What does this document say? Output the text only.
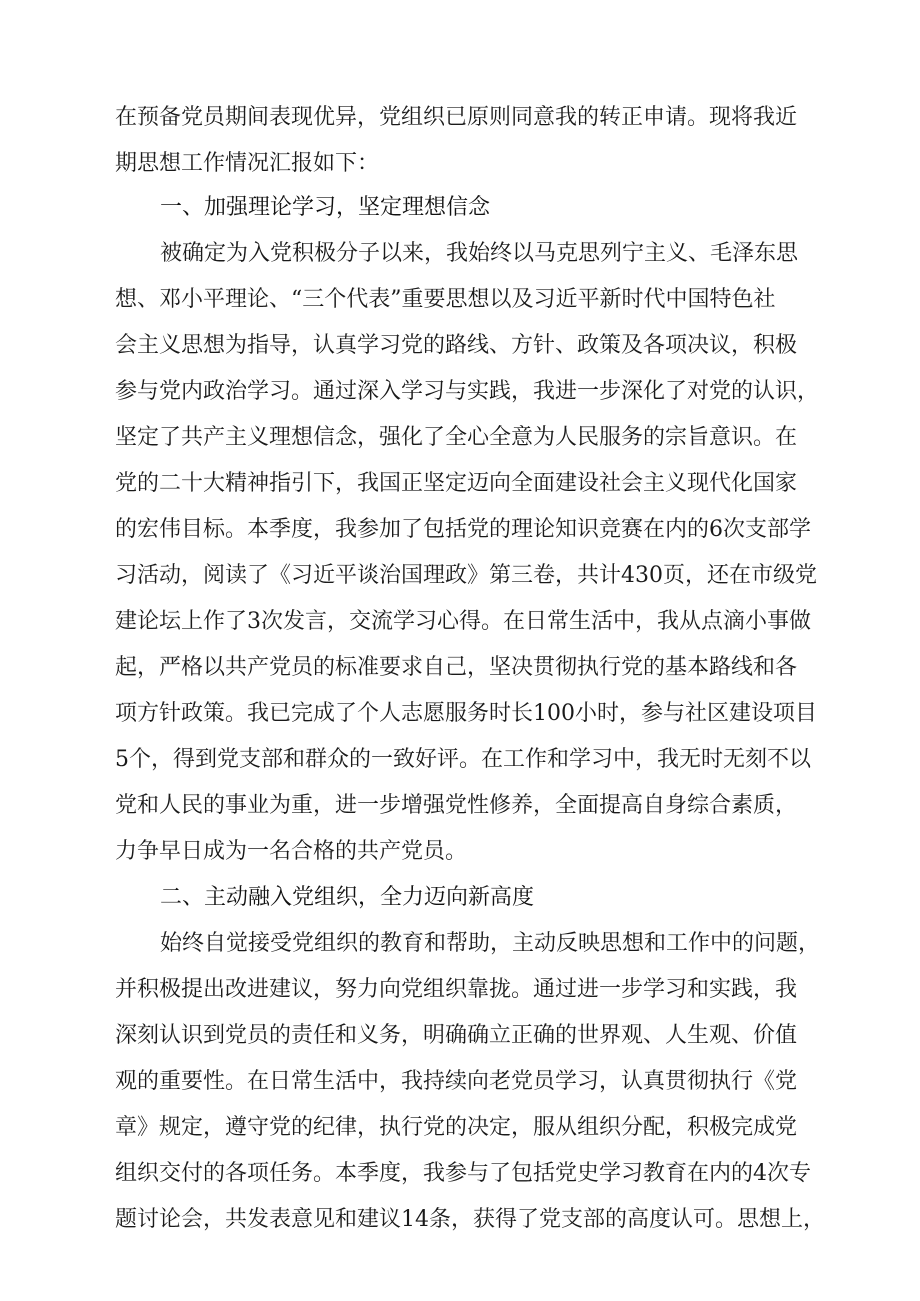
在预备党员期间表现优异，党组织已原则同意我的转正申请。现将我近
期思想工作情况汇报如下：
一、加强理论学习，坚定理想信念
被确定为入党积极分子以来，我始终以马克思列宁主义、毛泽东思
想、邓小平理论、“三个代表”重要思想以及习近平新时代中国特色社
会主义思想为指导，认真学习党的路线、方针、政策及各项决议，积极
参与党内政治学习。通过深入学习与实践，我进一步深化了对党的认识，
坚定了共产主义理想信念，强化了全心全意为人民服务的宗旨意识。在
党的二十大精神指引下，我国正坚定迈向全面建设社会主义现代化国家
的宏伟目标。本季度，我参加了包括党的理论知识竞赛在内的6次支部学
习活动，阅读了《习近平谈治国理政》第三卷，共计430页，还在市级党
建论坛上作了3次发言，交流学习心得。在日常生活中，我从点滴小事做
起，严格以共产党员的标准要求自己，坚决贯彻执行党的基本路线和各
项方针政策。我已完成了个人志愿服务时长100小时，参与社区建设项目
5个，得到党支部和群众的一致好评。在工作和学习中，我无时无刻不以
党和人民的事业为重，进一步增强党性修养，全面提高自身综合素质，
力争早日成为一名合格的共产党员。
二、主动融入党组织，全力迈向新高度
始终自觉接受党组织的教育和帮助，主动反映思想和工作中的问题，
并积极提出改进建议，努力向党组织靠拢。通过进一步学习和实践，我
深刻认识到党员的责任和义务，明确确立正确的世界观、人生观、价值
观的重要性。在日常生活中，我持续向老党员学习，认真贯彻执行《党
章》规定，遵守党的纪律，执行党的决定，服从组织分配，积极完成党
组织交付的各项任务。本季度，我参与了包括党史学习教育在内的4次专
题讨论会，共发表意见和建议14条，获得了党支部的高度认可。思想上，
